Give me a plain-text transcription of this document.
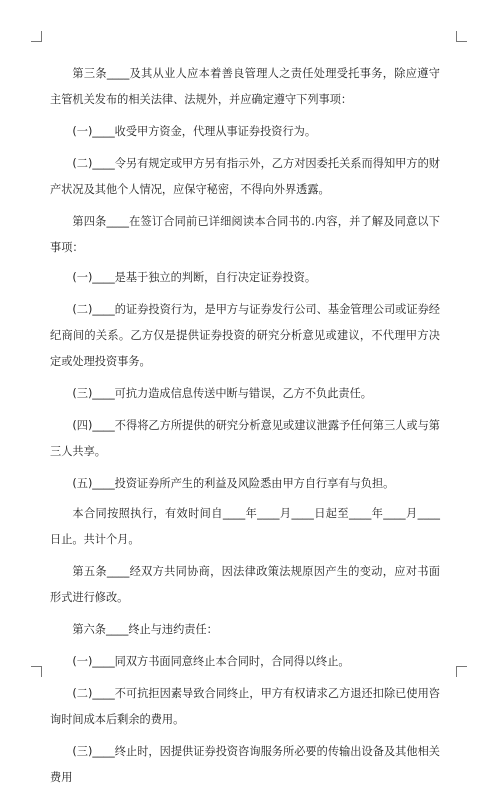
第三条____及其从业人应本着善良管理人之责任处理受托事务，除应遵守主管机关发布的相关法律、法规外，并应确定遵守下列事项：

(一)____收受甲方资金，代理从事证券投资行为。

(二)____令另有规定或甲方另有指示外，乙方对因委托关系而得知甲方的财产状况及其他个人情况，应保守秘密，不得向外界透露。

第四条____在签订合同前已详细阅读本合同书的.内容，并了解及同意以下事项：

(一)____是基于独立的判断，自行决定证券投资。

(二)____的证券投资行为，是甲方与证券发行公司、基金管理公司或证券经纪商间的关系。乙方仅是提供证券投资的研究分析意见或建议，不代理甲方决定或处理投资事务。

(三)____可抗力造成信息传送中断与错误，乙方不负此责任。

(四)____不得将乙方所提供的研究分析意见或建议泄露予任何第三人或与第三人共享。

(五)____投资证券所产生的利益及风险悉由甲方自行享有与负担。

本合同按照执行，有效时间自____年____月____日起至____年____月____日止。共计个月。

第五条____经双方共同协商，因法律政策法规原因产生的变动，应对书面形式进行修改。

第六条____终止与违约责任：

(一)____同双方书面同意终止本合同时，合同得以终止。

(二)____不可抗拒因素导致合同终止，甲方有权请求乙方退还扣除已使用咨询时间成本后剩余的费用。

(三)____终止时，因提供证券投资咨询服务所必要的传输出设备及其他相关费用
